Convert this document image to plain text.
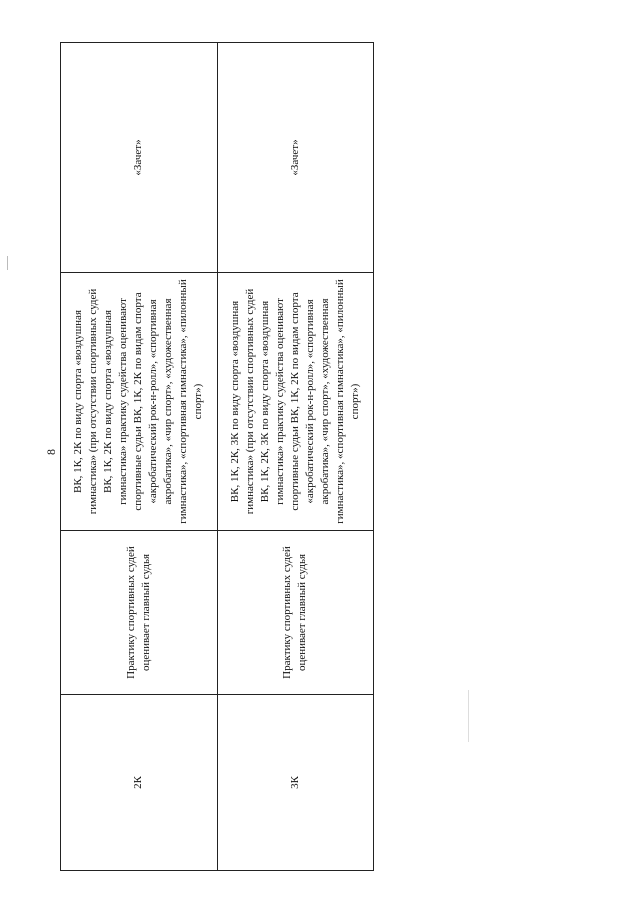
8
2К	Практику спортивных судей оценивает главный судья	ВК, 1К, 2К по виду спорта «воздушная гимнастика» (при отсутствии спортивных судей ВК, 1К, 2К по виду спорта «воздушная гимнастика» практику судейства оценивают спортивные судьи ВК, 1К, 2К по видам спорта «акробатический рок-н-ролл», «спортивная акробатика», «чир спорт», «художественная гимнастика», «спортивная гимнастика», «пилонный спорт»)	«Зачет»
3К	Практику спортивных судей оценивает главный судья	ВК, 1К, 2К, 3К по виду спорта «воздушная гимнастика» (при отсутствии спортивных судей ВК, 1К, 2К, 3К по виду спорта «воздушная гимнастика» практику судейства оценивают спортивные судьи ВК, 1К, 2К по видам спорта «акробатический рок-н-ролл», «спортивная акробатика», «чир спорт», «художественная гимнастика», «спортивная гимнастика», «пилонный спорт»)	«Зачет»
